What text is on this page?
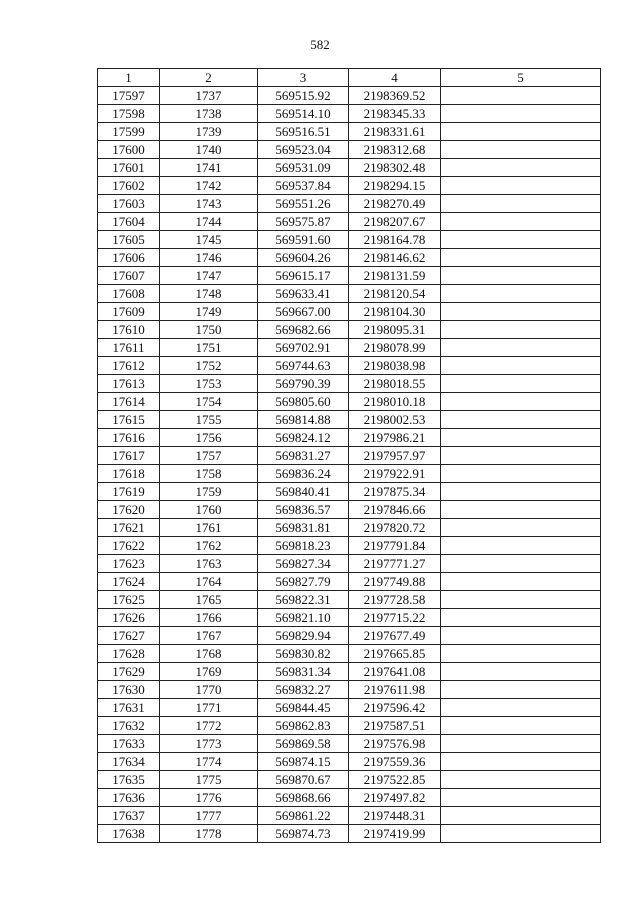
582
1	2	3	4	5
17597	1737	569515.92	2198369.52	
17598	1738	569514.10	2198345.33	
17599	1739	569516.51	2198331.61	
17600	1740	569523.04	2198312.68	
17601	1741	569531.09	2198302.48	
17602	1742	569537.84	2198294.15	
17603	1743	569551.26	2198270.49	
17604	1744	569575.87	2198207.67	
17605	1745	569591.60	2198164.78	
17606	1746	569604.26	2198146.62	
17607	1747	569615.17	2198131.59	
17608	1748	569633.41	2198120.54	
17609	1749	569667.00	2198104.30	
17610	1750	569682.66	2198095.31	
17611	1751	569702.91	2198078.99	
17612	1752	569744.63	2198038.98	
17613	1753	569790.39	2198018.55	
17614	1754	569805.60	2198010.18	
17615	1755	569814.88	2198002.53	
17616	1756	569824.12	2197986.21	
17617	1757	569831.27	2197957.97	
17618	1758	569836.24	2197922.91	
17619	1759	569840.41	2197875.34	
17620	1760	569836.57	2197846.66	
17621	1761	569831.81	2197820.72	
17622	1762	569818.23	2197791.84	
17623	1763	569827.34	2197771.27	
17624	1764	569827.79	2197749.88	
17625	1765	569822.31	2197728.58	
17626	1766	569821.10	2197715.22	
17627	1767	569829.94	2197677.49	
17628	1768	569830.82	2197665.85	
17629	1769	569831.34	2197641.08	
17630	1770	569832.27	2197611.98	
17631	1771	569844.45	2197596.42	
17632	1772	569862.83	2197587.51	
17633	1773	569869.58	2197576.98	
17634	1774	569874.15	2197559.36	
17635	1775	569870.67	2197522.85	
17636	1776	569868.66	2197497.82	
17637	1777	569861.22	2197448.31	
17638	1778	569874.73	2197419.99	
